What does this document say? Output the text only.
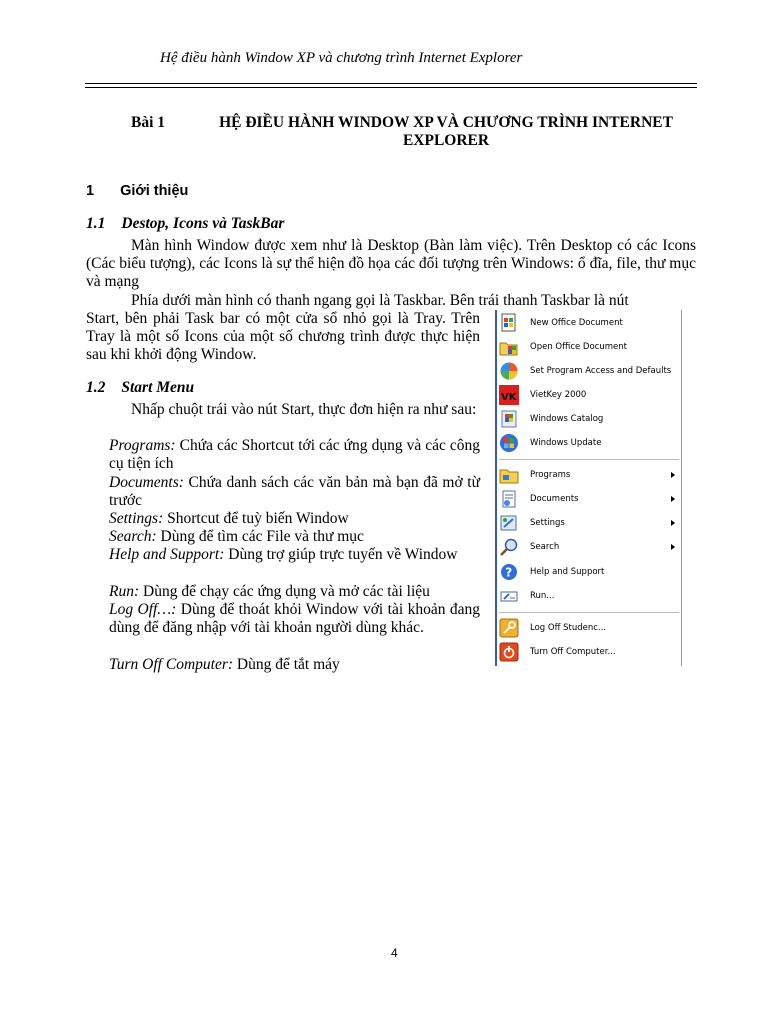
Hệ điều hành Window XP và chương trình Internet Explorer
Bài 1	HỆ ĐIỀU HÀNH WINDOW XP VÀ CHƯƠNG TRÌNH INTERNET
EXPLORER
1 Giới thiệu
1.1 Destop, Icons và TaskBar
Màn hình Window được xem như là Desktop (Bàn làm việc). Trên Desktop có các Icons (Các biểu tượng), các Icons là sự thể hiện đồ họa các đối tượng trên Windows: ổ đĩa, file, thư mục và mạng
Phía dưới màn hình có thanh ngang gọi là Taskbar. Bên trái thanh Taskbar là nút
Start, bên phải Task bar có một cửa sổ nhỏ gọi là Tray. Trên Tray là một số Icons của một số chương trình được thực hiện sau khi khởi động Window.
1.2 Start Menu
Nhấp chuột trái vào nút Start, thực đơn hiện ra như sau:
Programs: Chứa các Shortcut tới các ứng dụng và các công cụ tiện ích
Documents: Chứa danh sách các văn bản mà bạn đã mở từ trước
Settings: Shortcut để tuỳ biến Window
Search: Dùng để tìm các File và thư mục
Help and Support: Dùng trợ giúp trực tuyến về Window
Run: Dùng để chạy các ứng dụng và mở các tài liệu
Log Off…: Dùng để thoát khỏi Window với tài khoản đang dùng để đăng nhập với tài khoản người dùng khác.
Turn Off Computer: Dùng để tắt máy
New Office Document
Open Office Document
Set Program Access and Defaults
VK VietKey 2000
Windows Catalog
Windows Update
Programs
Documents
Settings
Search
? Help and Support
Run...
Log Off Studenc...
Turn Off Computer...
4
